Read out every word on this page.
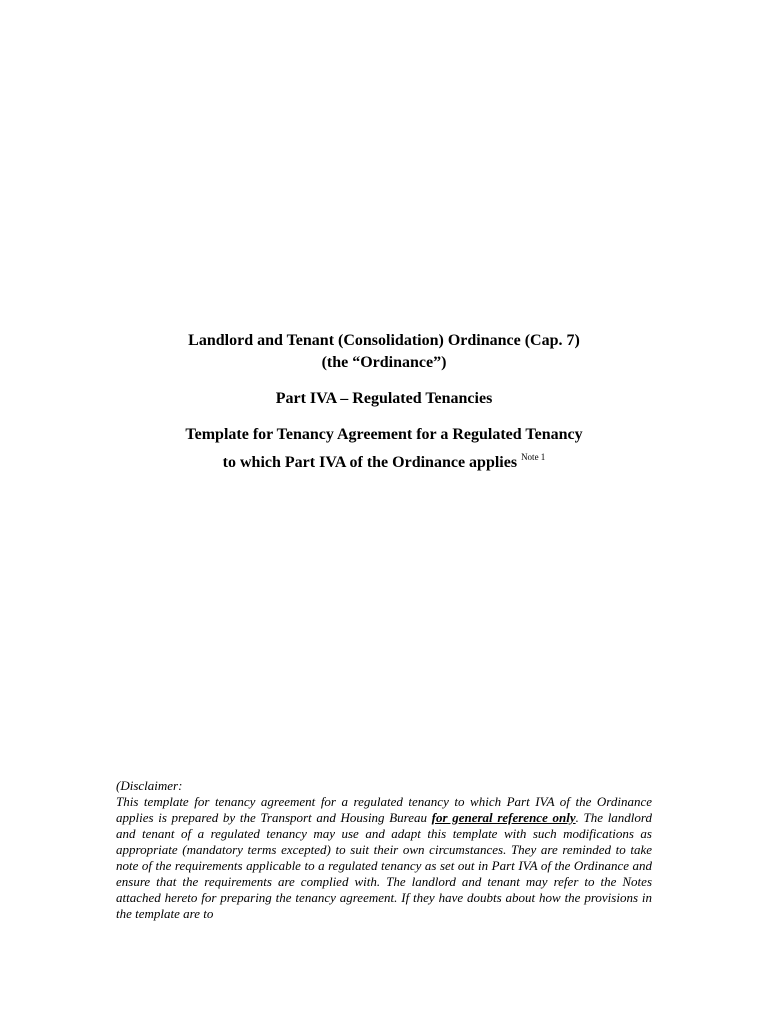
Landlord and Tenant (Consolidation) Ordinance (Cap. 7)
(the “Ordinance”)
Part IVA – Regulated Tenancies
Template for Tenancy Agreement for a Regulated Tenancy
to which Part IVA of the Ordinance applies $^{Note 1}$
(Disclaimer:
This template for tenancy agreement for a regulated tenancy to which Part IVA of the Ordinance applies is prepared by the Transport and Housing Bureau for general reference only. The landlord and tenant of a regulated tenancy may use and adapt this template with such modifications as appropriate (mandatory terms excepted) to suit their own circumstances. They are reminded to take note of the requirements applicable to a regulated tenancy as set out in Part IVA of the Ordinance and ensure that the requirements are complied with. The landlord and tenant may refer to the Notes attached hereto for preparing the tenancy agreement. If they have doubts about how the provisions in the template are to
